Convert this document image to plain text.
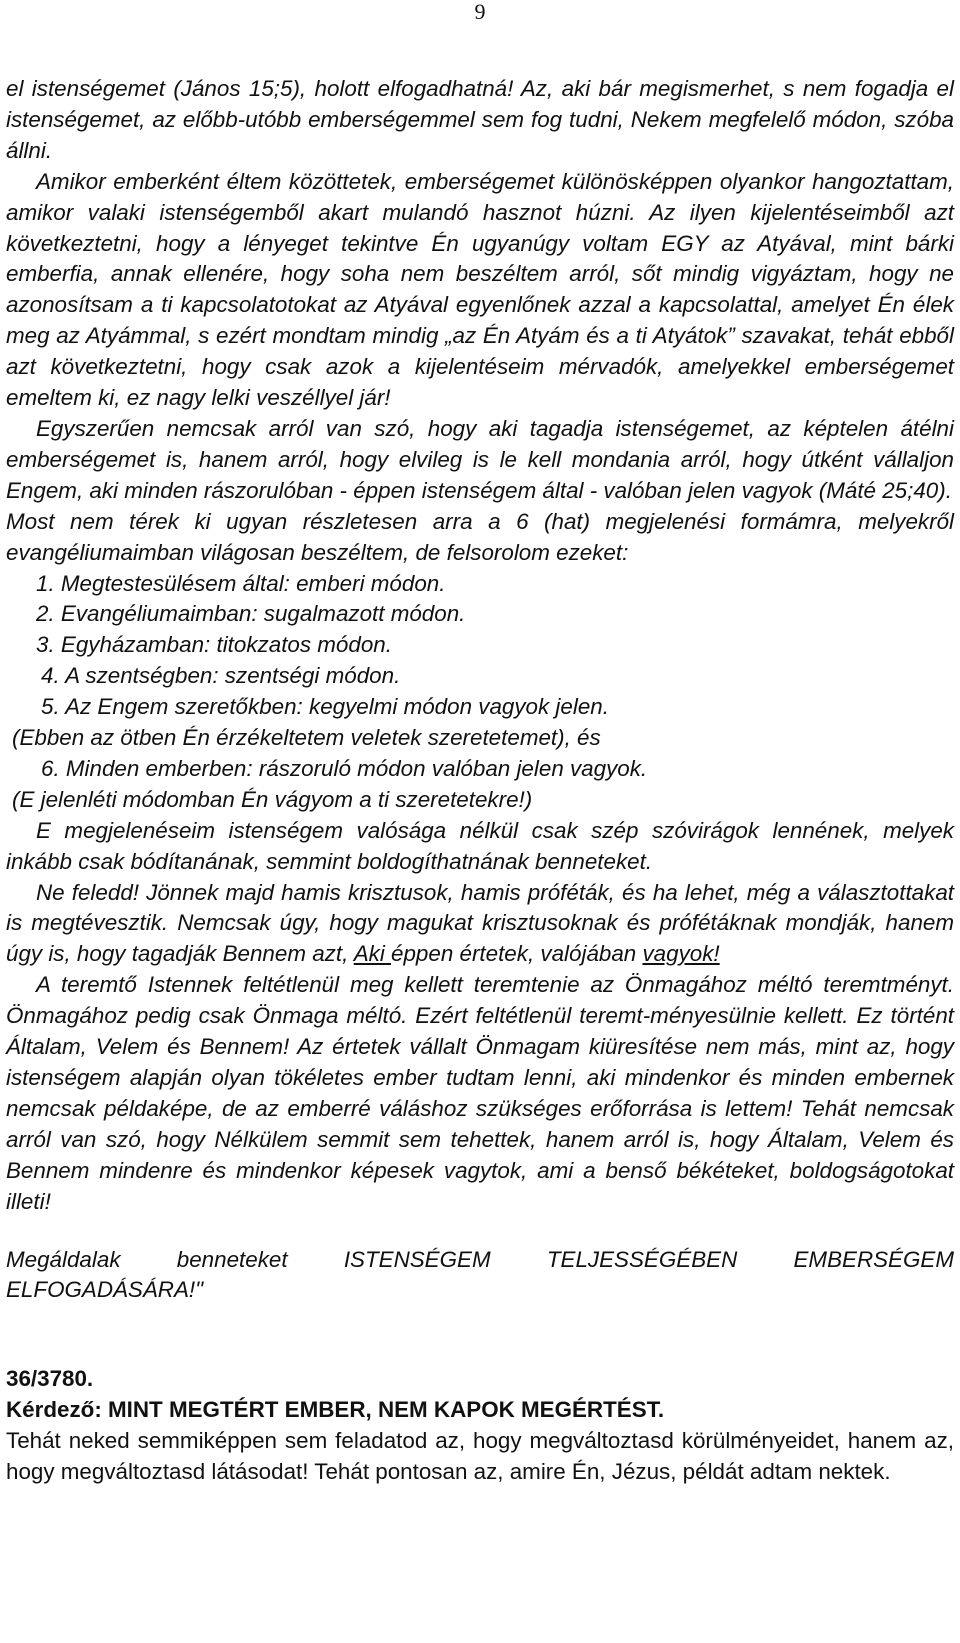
9

el istenségemet (János 15;5), holott elfogadhatná! Az, aki bár megismerhet, s nem fogadja el istenségemet, az előbb-utóbb emberségemmel sem fog tudni, Nekem megfelelő módon, szóba állni.

Amikor emberként éltem közöttetek, emberségemet különösképpen olyankor hangoztattam, amikor valaki istenségemből akart mulandó hasznot húzni. Az ilyen kijelentéseimből azt következtetni, hogy a lényeget tekintve Én ugyanúgy voltam EGY az Atyával, mint bárki emberfia, annak ellenére, hogy soha nem beszéltem arról, sőt mindig vigyáztam, hogy ne azonosítsam a ti kapcsolatotokat az Atyával egyenlőnek azzal a kapcsolattal, amelyet Én élek meg az Atyámmal, s ezért mondtam mindig „az Én Atyám és a ti Atyátok” szavakat, tehát ebből azt következtetni, hogy csak azok a kijelentéseim mérvadók, amelyekkel emberségemet emeltem ki, ez nagy lelki veszéllyel jár!

Egyszerűen nemcsak arról van szó, hogy aki tagadja istenségemet, az képtelen átélni emberségemet is, hanem arról, hogy elvileg is le kell mondania arról, hogy útként vállaljon Engem, aki minden rászorulóban - éppen istenségem által - valóban jelen vagyok (Máté 25;40).

Most nem térek ki ugyan részletesen arra a 6 (hat) megjelenési formámra, melyekről evangéliumaimban világosan beszéltem, de felsorolom ezeket:

1. Megtestesülésem által: emberi módon.

2. Evangéliumaimban: sugalmazott módon.

3. Egyházamban: titokzatos módon.

4. A szentségben: szentségi módon.

5. Az Engem szeretőkben: kegyelmi módon vagyok jelen.

(Ebben az ötben Én érzékeltetem veletek szeretetemet), és

6. Minden emberben: rászoruló módon valóban jelen vagyok.

(E jelenléti módomban Én vágyom a ti szeretetekre!)

E megjelenéseim istenségem valósága nélkül csak szép szóvirágok lennének, melyek inkább csak bódítanának, semmint boldogíthatnának benneteket.

Ne feledd! Jönnek majd hamis krisztusok, hamis próféták, és ha lehet, még a választottakat is megtévesztik. Nemcsak úgy, hogy magukat krisztusoknak és prófétáknak mondják, hanem úgy is, hogy tagadják Bennem azt, Aki éppen értetek, valójában vagyok!

A teremtő Istennek feltétlenül meg kellett teremtenie az Önmagához méltó teremtményt. Önmagához pedig csak Önmaga méltó. Ezért feltétlenül teremt-ményesülnie kellett. Ez történt Általam, Velem és Bennem! Az értetek vállalt Önmagam kiüresítése nem más, mint az, hogy istenségem alapján olyan tökéletes ember tudtam lenni, aki mindenkor és minden embernek nemcsak példaképe, de az emberré váláshoz szükséges erőforrása is lettem! Tehát nemcsak arról van szó, hogy Nélkülem semmit sem tehettek, hanem arról is, hogy Általam, Velem és Bennem mindenre és mindenkor képesek vagytok, ami a benső békéteket, boldogságotokat illeti!

Megáldalak benneteket ISTENSÉGEM TELJESSÉGÉBEN EMBERSÉGEM

ELFOGADÁSÁRA!"

36/3780.

Kérdező: MINT MEGTÉRT EMBER, NEM KAPOK MEGÉRTÉST.

Tehát neked semmiképpen sem feladatod az, hogy megváltoztasd körülményeidet, hanem az, hogy megváltoztasd látásodat! Tehát pontosan az, amire Én, Jézus, példát adtam nektek.
